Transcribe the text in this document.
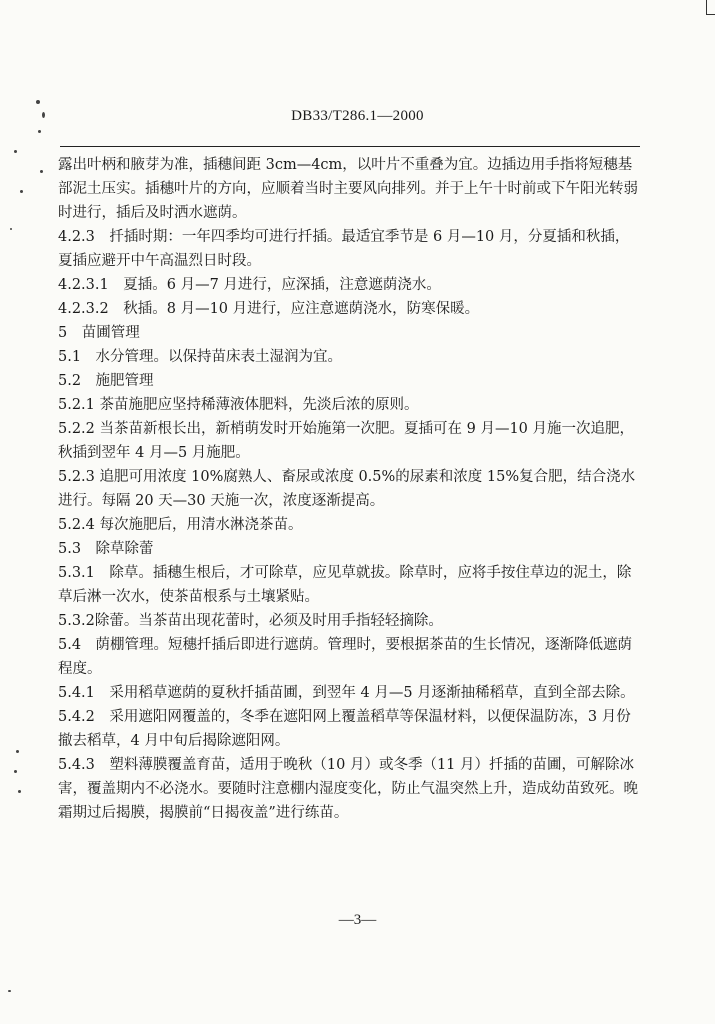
DB33/T286.1—2000

露出叶柄和腋芽为准，插穗间距 3cm—4cm，以叶片不重叠为宜。边插边用手指将短穗基部泥土压实。插穗叶片的方向，应顺着当时主要风向排列。并于上午十时前或下午阳光转弱时进行，插后及时洒水遮荫。

4.2.3　扦插时期：一年四季均可进行扦插。最适宜季节是 6 月—10 月，分夏插和秋插，夏插应避开中午高温烈日时段。

4.2.3.1　夏插。6 月—7 月进行，应深插，注意遮荫浇水。

4.2.3.2　秋插。8 月—10 月进行，应注意遮荫浇水，防寒保暖。

5　苗圃管理

5.1　水分管理。以保持苗床表土湿润为宜。

5.2　施肥管理

5.2.1 茶苗施肥应坚持稀薄液体肥料，先淡后浓的原则。

5.2.2 当茶苗新根长出，新梢萌发时开始施第一次肥。夏插可在 9 月—10 月施一次追肥，秋插到翌年 4 月—5 月施肥。

5.2.3 追肥可用浓度 10%腐熟人、畜尿或浓度 0.5%的尿素和浓度 15%复合肥，结合浇水进行。每隔 20 天—30 天施一次，浓度逐渐提高。

5.2.4 每次施肥后，用清水淋浇茶苗。

5.3　除草除蕾

5.3.1　除草。插穗生根后，才可除草，应见草就拔。除草时，应将手按住草边的泥土，除草后淋一次水，使茶苗根系与土壤紧贴。

5.3.2除蕾。当茶苗出现花蕾时，必须及时用手指轻轻摘除。

5.4　荫棚管理。短穗扦插后即进行遮荫。管理时，要根据茶苗的生长情况，逐渐降低遮荫程度。

5.4.1　采用稻草遮荫的夏秋扦插苗圃，到翌年 4 月—5 月逐渐抽稀稻草，直到全部去除。

5.4.2　采用遮阳网覆盖的，冬季在遮阳网上覆盖稻草等保温材料，以便保温防冻，3 月份撤去稻草，4 月中旬后揭除遮阳网。

5.4.3　塑料薄膜覆盖育苗，适用于晚秋（10 月）或冬季（11 月）扦插的苗圃，可解除冰害，覆盖期内不必浇水。要随时注意棚内湿度变化，防止气温突然上升，造成幼苗致死。晚霜期过后揭膜，揭膜前“日揭夜盖”进行练苗。

—3—
